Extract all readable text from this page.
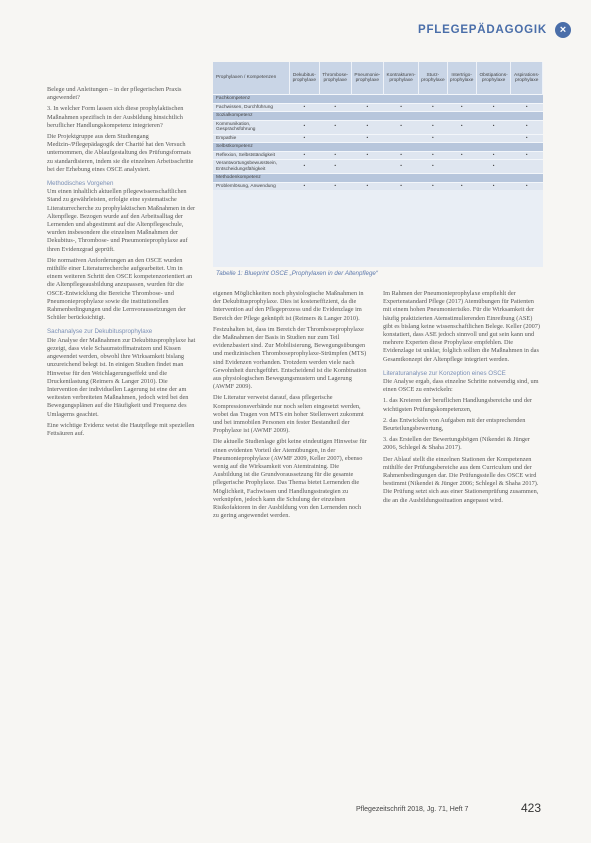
PFLEGEPÄDAGOGIK	×

Belege und Anleitungen – in der pflegerischen Praxis angewendet?

3. In welcher Form lassen sich diese prophylaktischen Maßnahmen spezifisch in der Ausbildung hinsichtlich beruflicher Handlungskompetenz integrieren?

Die Projektgruppe aus dem Studiengang Medizin-/Pflegepädagogik der Charité hat den Versuch unternommen, die Ablaufgestaltung des Prüfungsformats zu standardisieren, indem sie die einzelnen Arbeitsschritte bei der Erhebung eines OSCE analysiert.

Methodisches Vorgehen

Um einen inhaltlich aktuellen pflegewissenschaftlichen Stand zu gewährleisten, erfolgte eine systematische Literaturrecherche zu prophylaktischen Maßnahmen in der Altenpflege. Bezogen wurde auf den Arbeitsalltag der Lernenden und abgestimmt auf die Altenpflegeschule, wurden insbesondere die einzelnen Maßnahmen der Dekubitus-, Thrombose- und Pneumonieprophylaxe auf ihren Evidenzgrad geprüft.

Die normativen Anforderungen an den OSCE wurden mithilfe einer Literaturrecherche aufgearbeitet. Um in einem weiteren Schritt den OSCE kompetenzorientiert an die Altenpflegeausbildung anzupassen, wurden für die OSCE-Entwicklung die Bereiche Thrombose- und Pneumonieprophylaxe sowie die institutionellen Rahmenbedingungen und die Lernvoraussetzungen der Schüler berücksichtigt.

Sachanalyse zur Dekubitusprophylaxe

Die Analyse der Maßnahmen zur Dekubitusprophylaxe hat gezeigt, dass viele Schaumstoffmatratzen und Kissen angewendet werden, obwohl ihre Wirksamkeit bislang unzureichend belegt ist. In einigen Studien findet man Hinweise für den Weichlagerungseffekt und die Druckentlastung (Reimers & Langer 2010). Die Intervention der individuellen Lagerung ist eine der am weitesten verbreiteten Maßnahmen, jedoch wird bei den Bewegungsplänen auf die Häufigkeit und Frequenz des Umlagerns geachtet.

Eine wichtige Evidenz weist die Hautpflege mit speziellen Fettsäuren auf.

Prophylaxen / Kompetenzen	Dekubitus-prophylaxe	Thrombose-prophylaxe	Pneumonie-prophylaxe	Kontrakturen-prophylaxe	Sturz-prophylaxe	Intertrigo-prophylaxe	Obstipations-prophylaxe	Aspirations-prophylaxe
Fachkompetenz								
Fachwissen, Durchführung	•	•	•	•	•	•	•	•
Sozialkompetenz								
Kommunikation, Gesprächsführung	•	•	•	•	•	•	•	•
Empathie	•		•		•			•
Selbstkompetenz								
Reflexion, Selbstständigkeit	•	•	•	•	•	•	•	•
Verantwortungsbewusstsein, Entscheidungsfähigkeit	•	•		•	•		•	
Methodenkompetenz								
Problemlösung, Anwendung	•	•	•	•	•	•	•	•
Tabelle 1: Blueprint OSCE „Prophylaxen in der Altenpflege“

eigenen Möglichkeiten noch physiologische Maßnahmen in der Dekubitusprophylaxe. Dies ist kosteneffizient, da die Intervention auf den Pflegeprozess und die Evidenzlage im Bereich der Pflege geknüpft ist (Reimers & Langer 2010).

Festzuhalten ist, dass im Bereich der Thromboseprophylaxe die Maßnahmen der Basis in Studien nur zum Teil evidenzbasiert sind. Zur Mobilisierung, Bewegungsübungen und medizinischen Thromboseprophylaxe-Strümpfen (MTS) sind Evidenzen vorhanden. Trotzdem werden viele nach Gewohnheit durchgeführt. Entscheidend ist die Kombination aus physiologischen Bewegungsmustern und Lagerung (AWMF 2009).

Die Literatur verweist darauf, dass pflegerische Kompressionsverbände nur noch selten eingesetzt werden, wobei das Tragen von MTS ein hoher Stellenwert zukommt und bei immobilen Personen ein fester Bestandteil der Prophylaxe ist (AWMF 2009).

Die aktuelle Studienlage gibt keine eindeutigen Hinweise für einen evidenten Vorteil der Atemübungen, in der Pneumonieprophylaxe (AWMF 2009, Keller 2007), ebenso wenig auf die Wirksamkeit von Atemtraining. Die Ausbildung ist die Grundvoraussetzung für die gesamte pflegerische Prophylaxe. Das Thema bietet Lernenden die Möglichkeit, Fachwissen und Handlungsstrategien zu verknüpfen, jedoch kann die Schulung der einzelnen Risikofaktoren in der Ausbildung von den Lernenden noch zu gering angewendet werden.

Im Rahmen der Pneumonieprophylaxe empfiehlt der Expertenstandard Pflege (2017) Atemübungen für Patienten mit einem hohen Pneumonierisiko. Für die Wirksamkeit der häufig praktizierten Atemstimulierenden Einreibung (ASE) gibt es bislang keine wissenschaftlichen Belege. Keller (2007) konstatiert, dass ASE jedoch sinnvoll und gut sein kann und mehrere Experten diese Prophylaxe empfehlen. Die Evidenzlage ist unklar, folglich sollten die Maßnahmen in das Gesamtkonzept der Altenpflege integriert werden.

Literaturanalyse zur Konzeption eines OSCE

Die Analyse ergab, dass einzelne Schritte notwendig sind, um einen OSCE zu entwickeln:

1. das Kreieren der beruflichen Handlungsbereiche und der wichtigsten Prüfungskompetenzen,

2. das Entwickeln von Aufgaben mit der entsprechenden Beurteilungsbewertung,

3. das Erstellen der Bewertungsbögen (Nikendei & Jünger 2006, Schlegel & Shaha 2017).

Der Ablauf stellt die einzelnen Stationen der Kompetenzen mithilfe der Prüfungsbereiche aus dem Curriculum und der Rahmenbedingungen dar. Die Prüfungsstelle des OSCE wird bestimmt (Nikendei & Jünger 2006; Schlegel & Shaha 2017). Die Prüfung setzt sich aus einer Stationenprüfung zusammen, die an die Ausbildungssituation angepasst wird.

Pflegezeitschrift 2018, Jg. 71, Heft 7	423
